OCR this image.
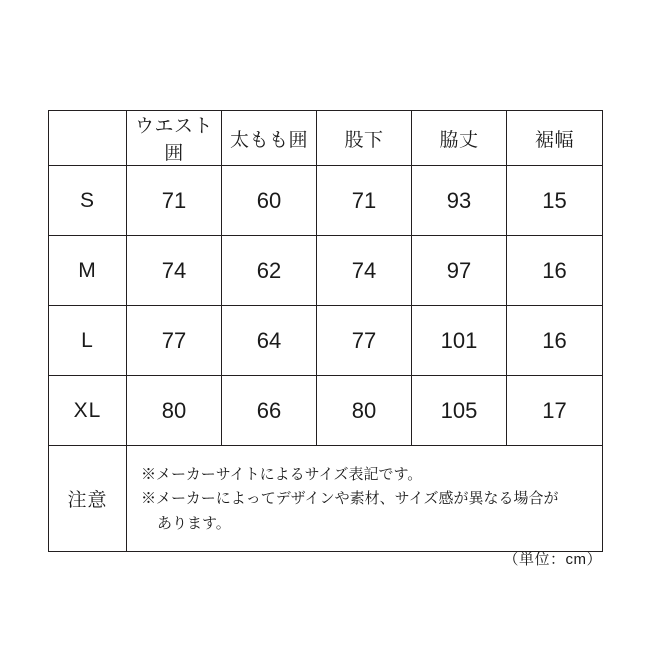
	ウエスト囲	太もも囲	股下	脇丈	裾幅
S	71	60	71	93	15
M	74	62	74	97	16
L	77	64	77	101	16
XL	80	66	80	105	17
注意	※メーカーサイトによるサイズ表記です。
※メーカーによってデザインや素材、サイズ感が異なる場合が
あります。				
（単位：cm）
